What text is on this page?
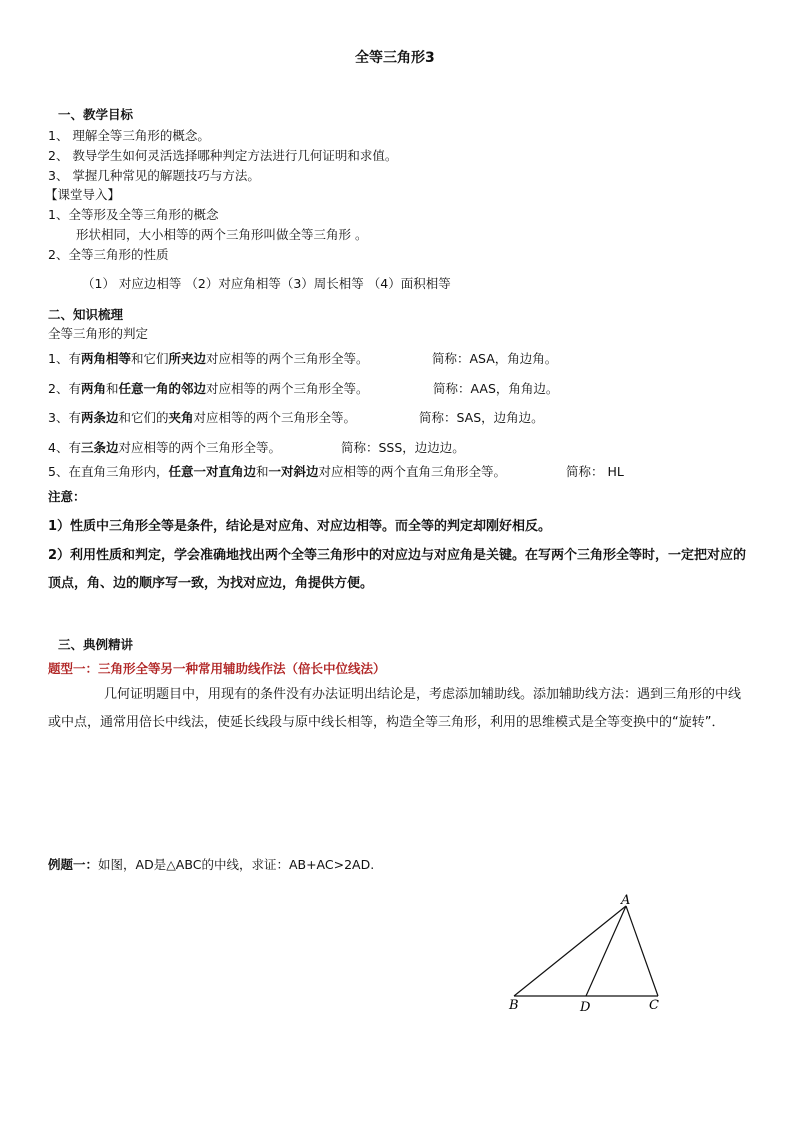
全等三角形3
一、教学目标
1、 理解全等三角形的概念。
2、 教导学生如何灵活选择哪种判定方法进行几何证明和求值。
3、 掌握几种常见的解题技巧与方法。
【课堂导入】
1、全等形及全等三角形的概念
形状相同，大小相等的两个三角形叫做全等三角形 。
2、全等三角形的性质
（1） 对应边相等 （2）对应角相等（3）周长相等 （4）面积相等
二、知识梳理
全等三角形的判定
1、有两角相等和它们所夹边对应相等的两个三角形全等。	简称：ASA，角边角。
2、有两角和任意一角的邻边对应相等的两个三角形全等。	简称：AAS，角角边。
3、有两条边和它们的夹角对应相等的两个三角形全等。	简称：SAS，边角边。
4、有三条边对应相等的两个三角形全等。	简称：SSS，边边边。
5、在直角三角形内，任意一对直角边和一对斜边对应相等的两个直角三角形全等。	简称： HL
注意：
1）性质中三角形全等是条件，结论是对应角、对应边相等。而全等的判定却刚好相反。
2）利用性质和判定，学会准确地找出两个全等三角形中的对应边与对应角是关键。在写两个三角形全等时，一定把对应的顶点，角、边的顺序写一致，为找对应边，角提供方便。
三、典例精讲
题型一：三角形全等另一种常用辅助线作法（倍长中位线法）
几何证明题目中，用现有的条件没有办法证明出结论是，考虑添加辅助线。添加辅助线方法：遇到三角形的中线或中点，通常用倍长中线法，使延长线段与原中线长相等，构造全等三角形，利用的思维模式是全等变换中的“旋转”．
例题一：如图，AD是△ABC的中线，求证：AB+AC>2AD.
A
B	D	C
